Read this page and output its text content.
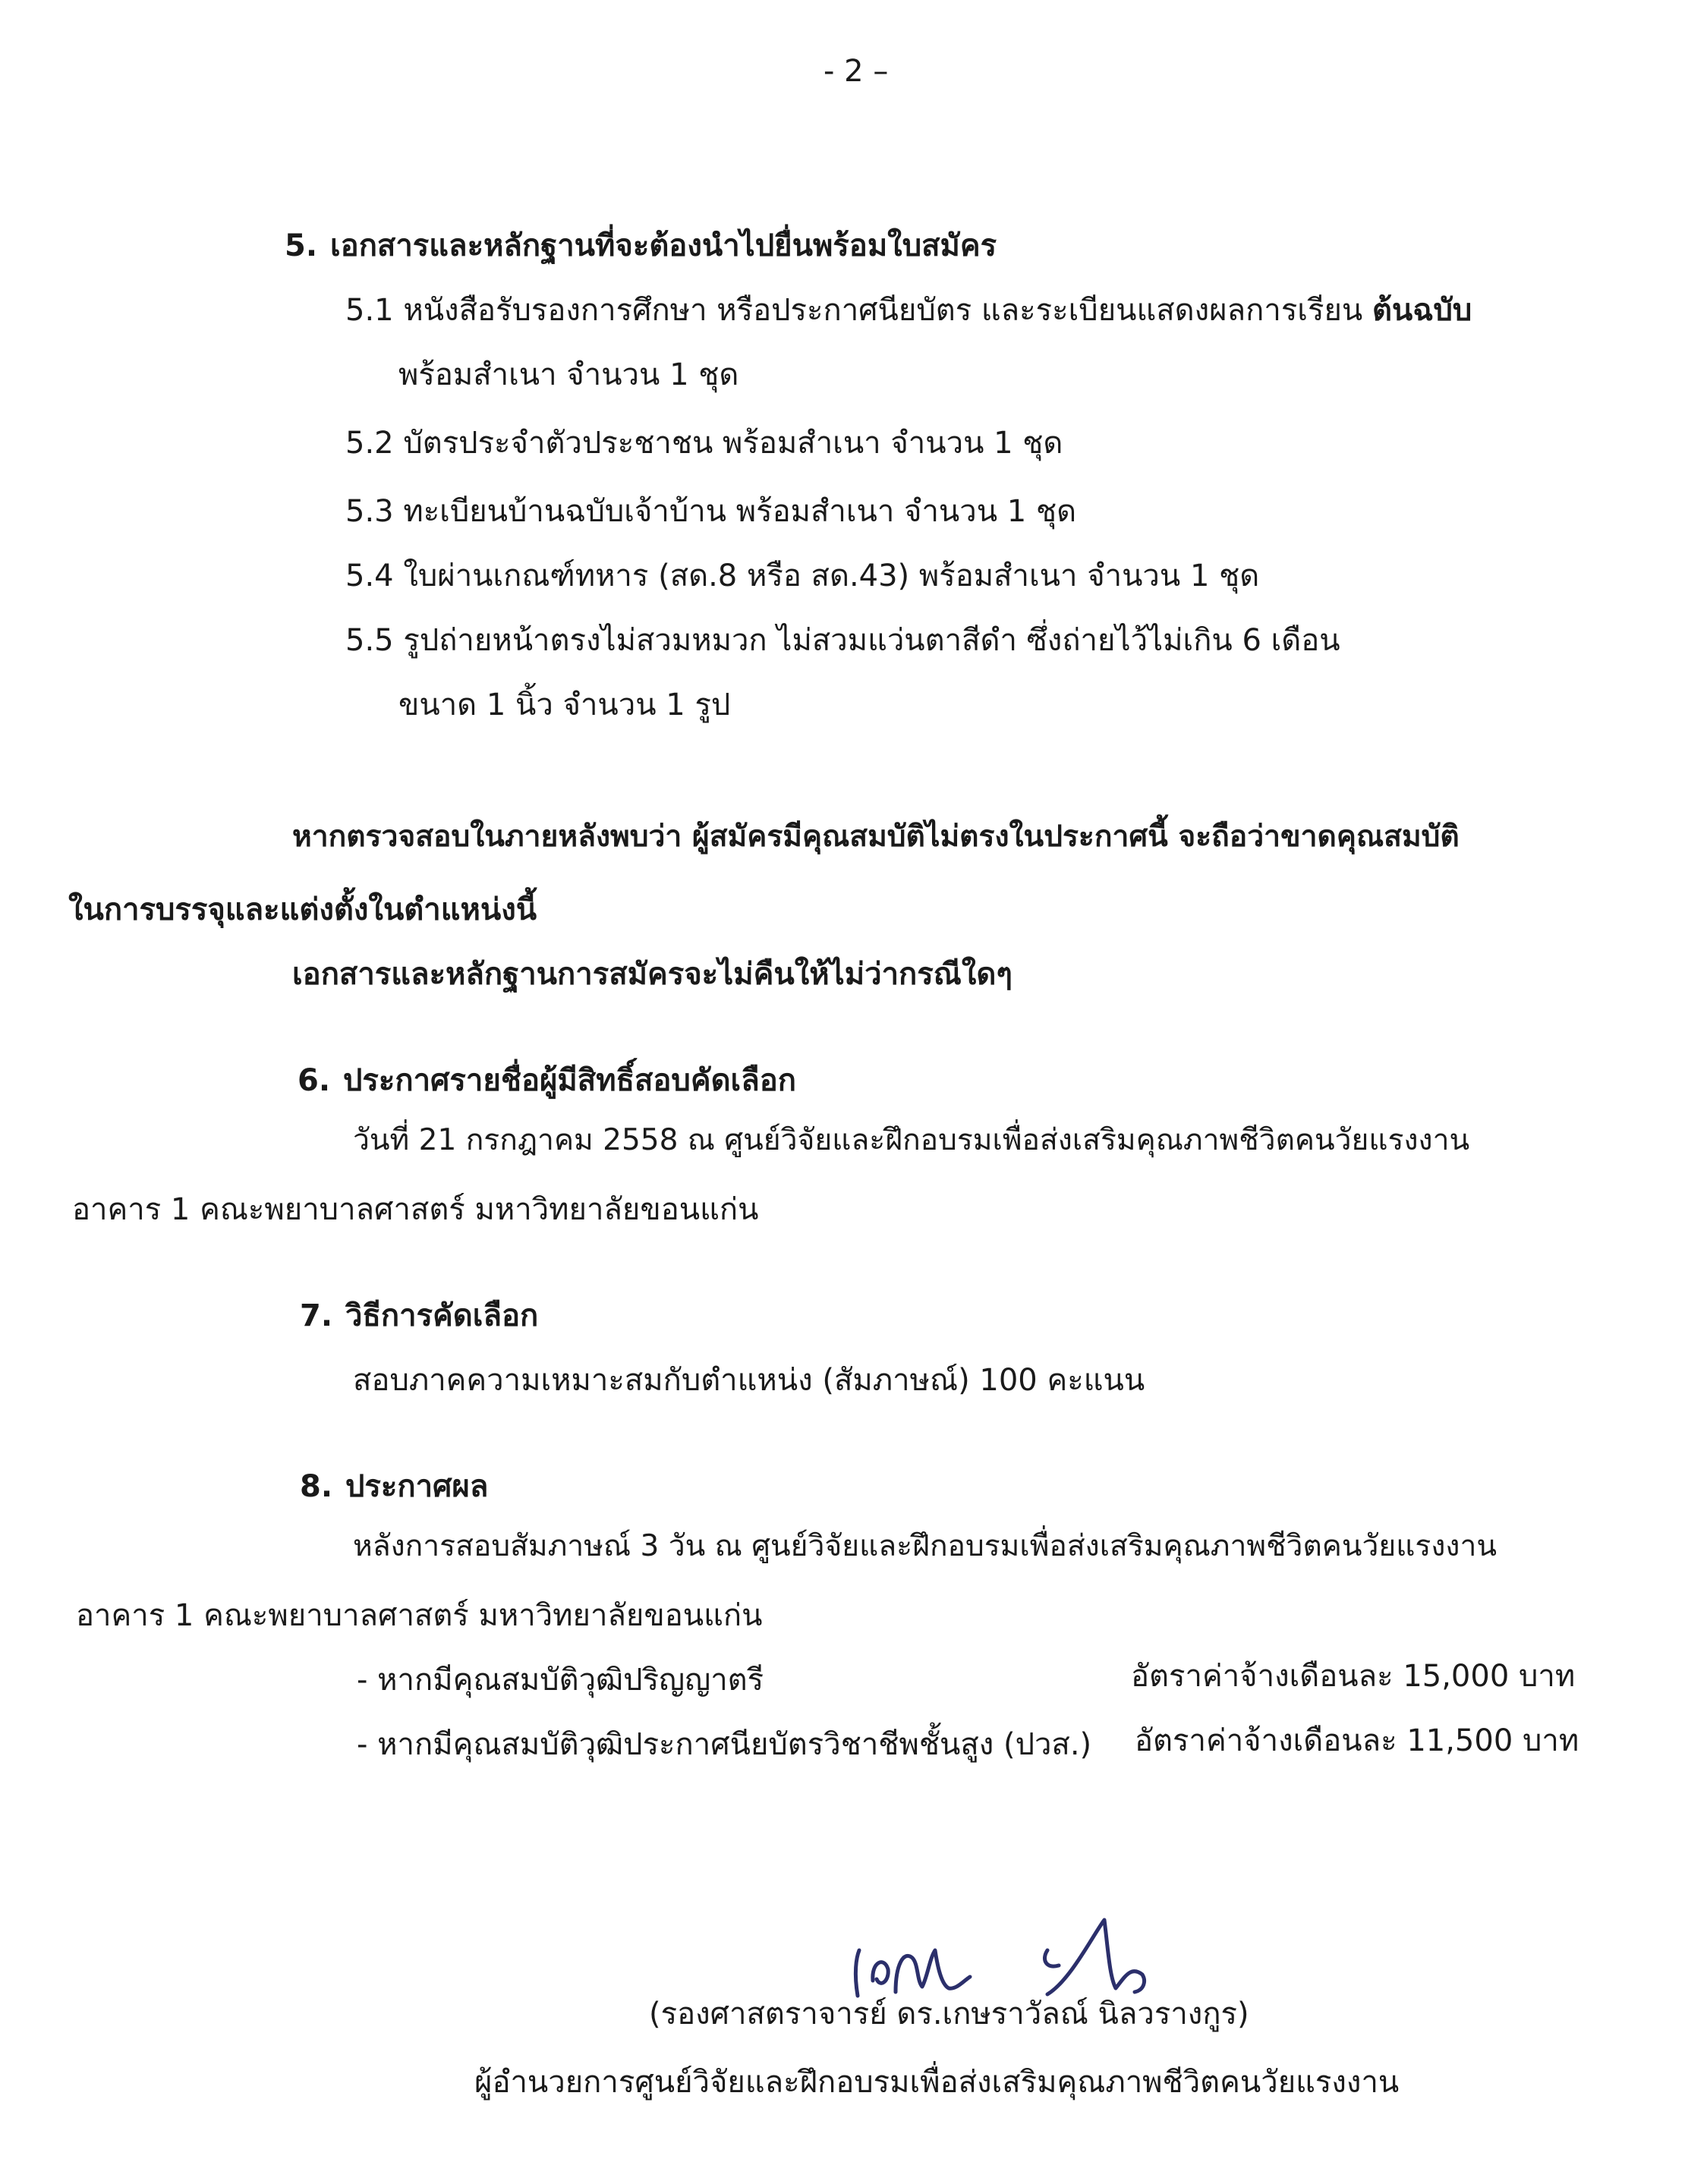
- 2 –
5. เอกสารและหลักฐานที่จะต้องนำไปยื่นพร้อมใบสมัคร
5.1 หนังสือรับรองการศึกษา หรือประกาศนียบัตร และระเบียนแสดงผลการเรียน ต้นฉบับ
พร้อมสำเนา จำนวน 1 ชุด
5.2 บัตรประจำตัวประชาชน พร้อมสำเนา จำนวน 1 ชุด
5.3 ทะเบียนบ้านฉบับเจ้าบ้าน พร้อมสำเนา จำนวน 1 ชุด
5.4 ใบผ่านเกณฑ์ทหาร (สด.8 หรือ สด.43) พร้อมสำเนา จำนวน 1 ชุด
5.5 รูปถ่ายหน้าตรงไม่สวมหมวก ไม่สวมแว่นตาสีดำ ซึ่งถ่ายไว้ไม่เกิน 6 เดือน
ขนาด 1 นิ้ว จำนวน 1 รูป
หากตรวจสอบในภายหลังพบว่า ผู้สมัครมีคุณสมบัติไม่ตรงในประกาศนี้ จะถือว่าขาดคุณสมบัติ
ในการบรรจุและแต่งตั้งในตำแหน่งนี้
เอกสารและหลักฐานการสมัครจะไม่คืนให้ไม่ว่ากรณีใดๆ
6. ประกาศรายชื่อผู้มีสิทธิ์สอบคัดเลือก
วันที่ 21 กรกฎาคม 2558 ณ ศูนย์วิจัยและฝึกอบรมเพื่อส่งเสริมคุณภาพชีวิตคนวัยแรงงาน
อาคาร 1 คณะพยาบาลศาสตร์ มหาวิทยาลัยขอนแก่น
7. วิธีการคัดเลือก
สอบภาคความเหมาะสมกับตำแหน่ง (สัมภาษณ์) 100 คะแนน
8. ประกาศผล
หลังการสอบสัมภาษณ์ 3 วัน ณ ศูนย์วิจัยและฝึกอบรมเพื่อส่งเสริมคุณภาพชีวิตคนวัยแรงงาน
อาคาร 1 คณะพยาบาลศาสตร์ มหาวิทยาลัยขอนแก่น
- หากมีคุณสมบัติวุฒิปริญญาตรี	อัตราค่าจ้างเดือนละ 15,000 บาท
- หากมีคุณสมบัติวุฒิประกาศนียบัตรวิชาชีพชั้นสูง (ปวส.) อัตราค่าจ้างเดือนละ 11,500 บาท
(รองศาสตราจารย์ ดร.เกษราวัลณ์ นิลวรางกูร)
ผู้อำนวยการศูนย์วิจัยและฝึกอบรมเพื่อส่งเสริมคุณภาพชีวิตคนวัยแรงงาน
